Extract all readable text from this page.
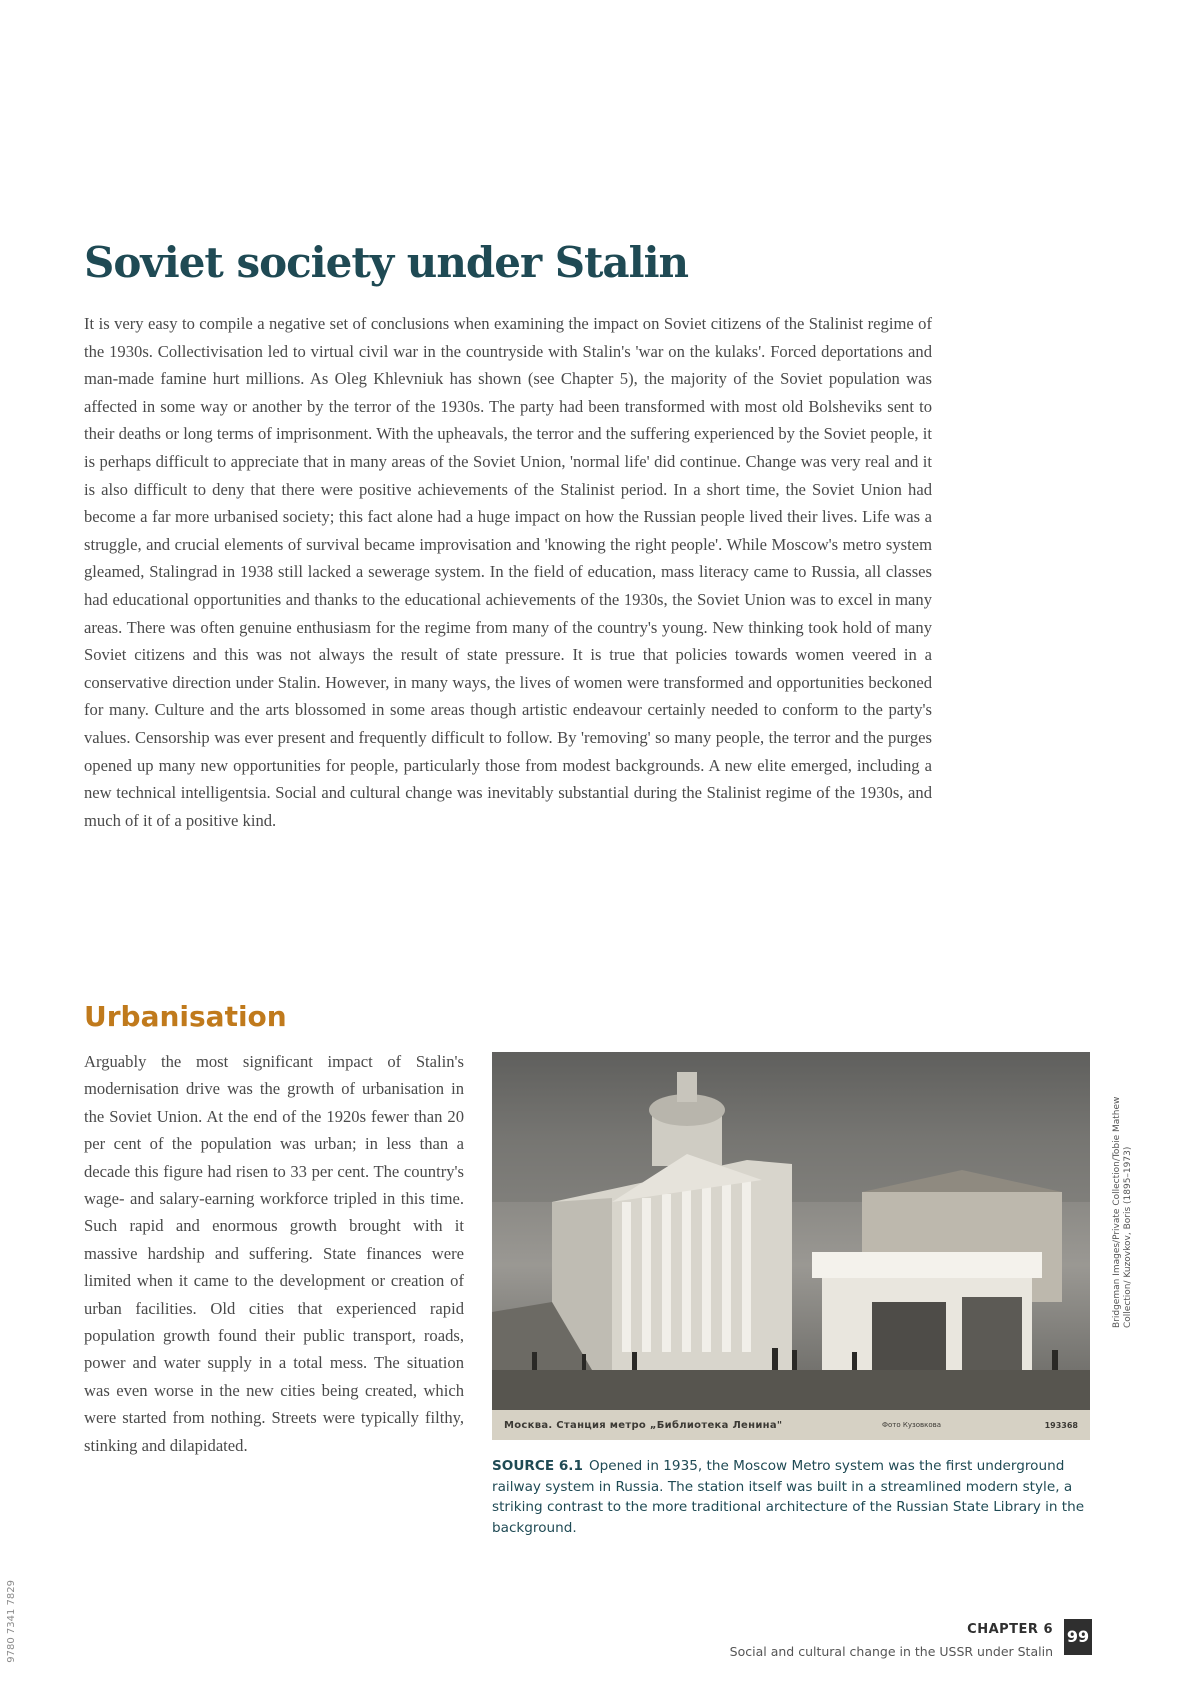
Soviet society under Stalin

It is very easy to compile a negative set of conclusions when examining the impact on Soviet citizens of the Stalinist regime of the 1930s. Collectivisation led to virtual civil war in the countryside with Stalin's 'war on the kulaks'. Forced deportations and man-made famine hurt millions. As Oleg Khlevniuk has shown (see Chapter 5), the majority of the Soviet population was affected in some way or another by the terror of the 1930s. The party had been transformed with most old Bolsheviks sent to their deaths or long terms of imprisonment. With the upheavals, the terror and the suffering experienced by the Soviet people, it is perhaps difficult to appreciate that in many areas of the Soviet Union, 'normal life' did continue. Change was very real and it is also difficult to deny that there were positive achievements of the Stalinist period. In a short time, the Soviet Union had become a far more urbanised society; this fact alone had a huge impact on how the Russian people lived their lives. Life was a struggle, and crucial elements of survival became improvisation and 'knowing the right people'. While Moscow's metro system gleamed, Stalingrad in 1938 still lacked a sewerage system. In the field of education, mass literacy came to Russia, all classes had educational opportunities and thanks to the educational achievements of the 1930s, the Soviet Union was to excel in many areas. There was often genuine enthusiasm for the regime from many of the country's young. New thinking took hold of many Soviet citizens and this was not always the result of state pressure. It is true that policies towards women veered in a conservative direction under Stalin. However, in many ways, the lives of women were transformed and opportunities beckoned for many. Culture and the arts blossomed in some areas though artistic endeavour certainly needed to conform to the party's values. Censorship was ever present and frequently difficult to follow. By 'removing' so many people, the terror and the purges opened up many new opportunities for people, particularly those from modest backgrounds. A new elite emerged, including a new technical intelligentsia. Social and cultural change was inevitably substantial during the Stalinist regime of the 1930s, and much of it of a positive kind.

Urbanisation

Arguably the most significant impact of Stalin's modernisation drive was the growth of urbanisation in the Soviet Union. At the end of the 1920s fewer than 20 per cent of the population was urban; in less than a decade this figure had risen to 33 per cent. The country's wage- and salary-earning workforce tripled in this time. Such rapid and enormous growth brought with it massive hardship and suffering. State finances were limited when it came to the development or creation of urban facilities. Old cities that experienced rapid population growth found their public transport, roads, power and water supply in a total mess. The situation was even worse in the new cities being created, which were started from nothing. Streets were typically filthy, stinking and dilapidated.

Москва. Станция метро „Библиотека Ленина"	Фото Кузовкова	193368
Bridgeman Images/Private Collection/Tobie Mathew Collection/ Kuzovkov, Boris (1895–1973)

SOURCE 6.1 Opened in 1935, the Moscow Metro system was the first underground railway system in Russia. The station itself was built in a streamlined modern style, a striking contrast to the more traditional architecture of the Russian State Library in the background.

9780 7341 7829	CHAPTER 6
Social and cultural change in the USSR under Stalin
99
